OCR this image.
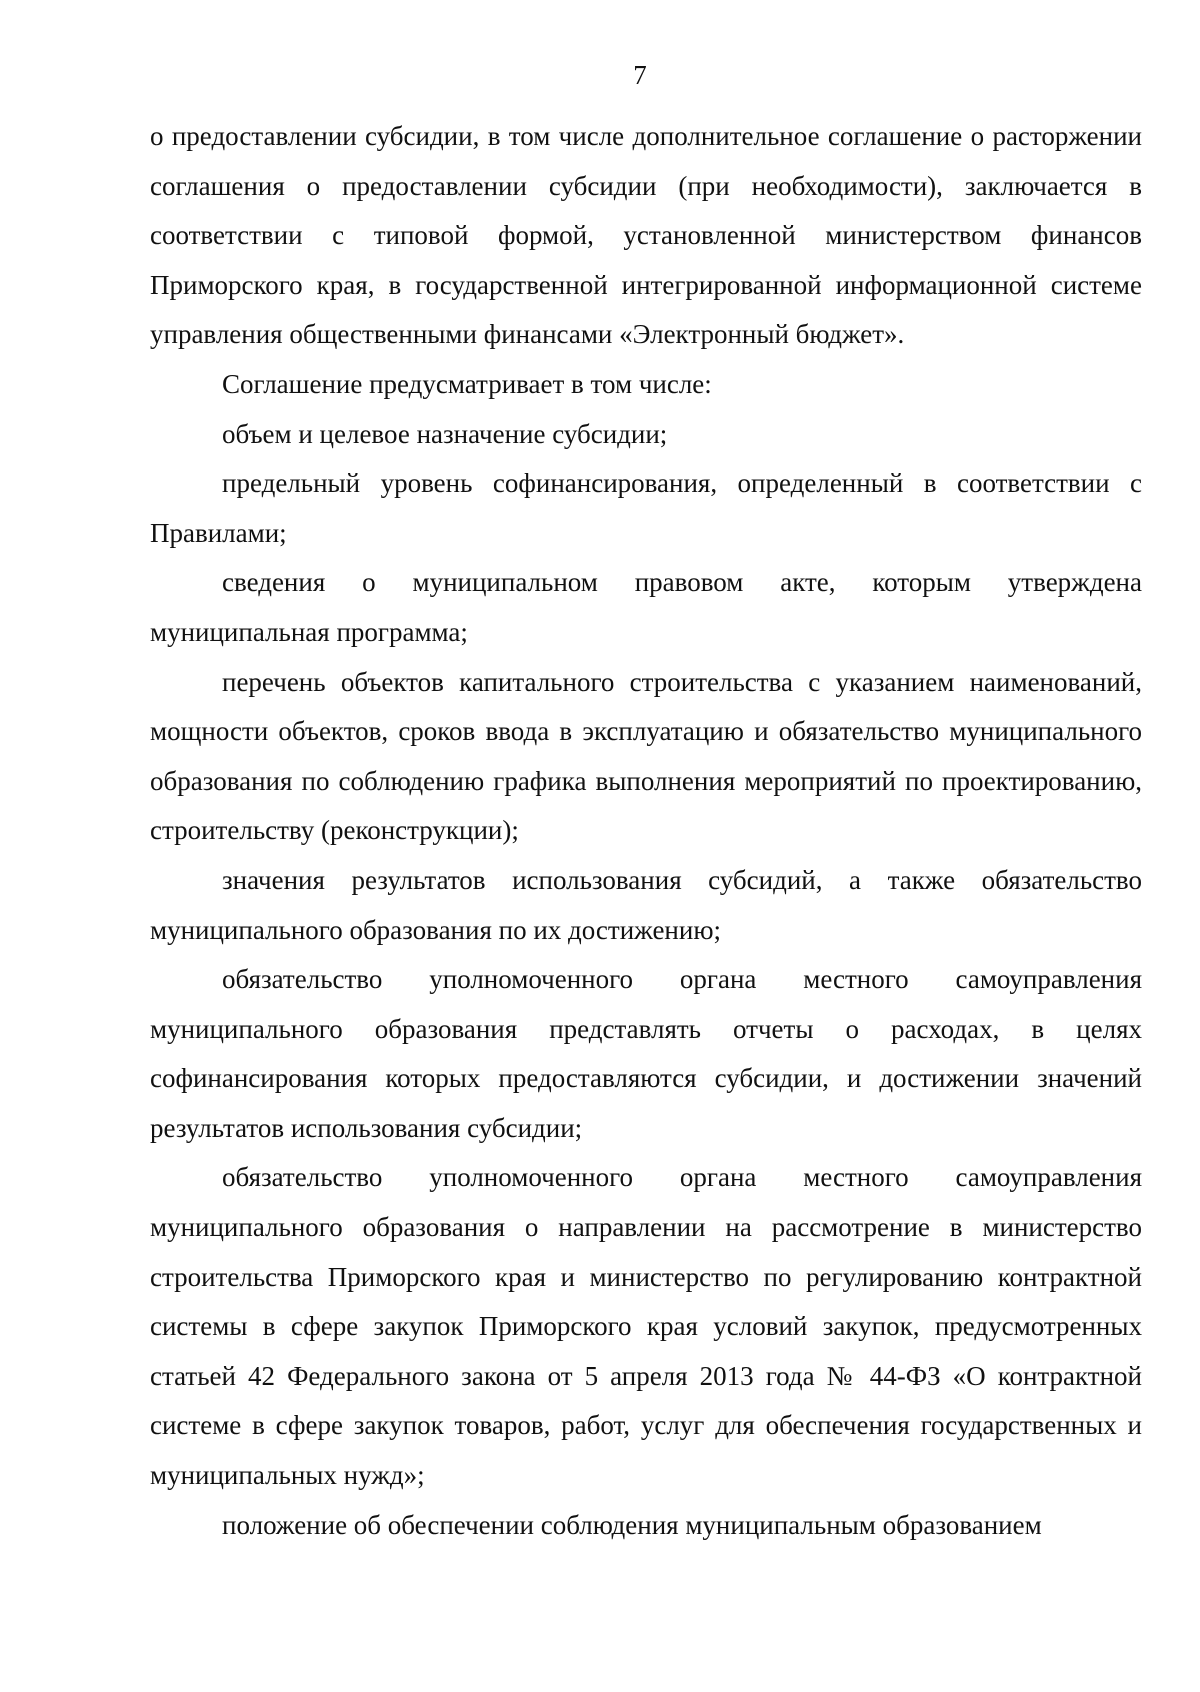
7

о предоставлении субсидии, в том числе дополнительное соглашение о расторжении соглашения о предоставлении субсидии (при необходимости), заключается в соответствии с типовой формой, установленной министерством финансов Приморского края, в государственной интегрированной информационной системе управления общественными финансами «Электронный бюджет».

Соглашение предусматривает в том числе:

объем и целевое назначение субсидии;

предельный уровень софинансирования, определенный в соответствии с Правилами;

сведения о муниципальном правовом акте, которым утверждена муниципальная программа;

перечень объектов капитального строительства с указанием наименований, мощности объектов, сроков ввода в эксплуатацию и обязательство муниципального образования по соблюдению графика выполнения мероприятий по проектированию, строительству (реконструкции);

значения результатов использования субсидий, а также обязательство муниципального образования по их достижению;

обязательство уполномоченного органа местного самоуправления муниципального образования представлять отчеты о расходах, в целях софинансирования которых предоставляются субсидии, и достижении значений результатов использования субсидии;

обязательство уполномоченного органа местного самоуправления муниципального образования о направлении на рассмотрение в министерство строительства Приморского края и министерство по регулированию контрактной системы в сфере закупок Приморского края условий закупок, предусмотренных статьей 42 Федерального закона от 5 апреля 2013 года № 44-ФЗ «О контрактной системе в сфере закупок товаров, работ, услуг для обеспечения государственных и муниципальных нужд»;

положение об обеспечении соблюдения муниципальным образованием
